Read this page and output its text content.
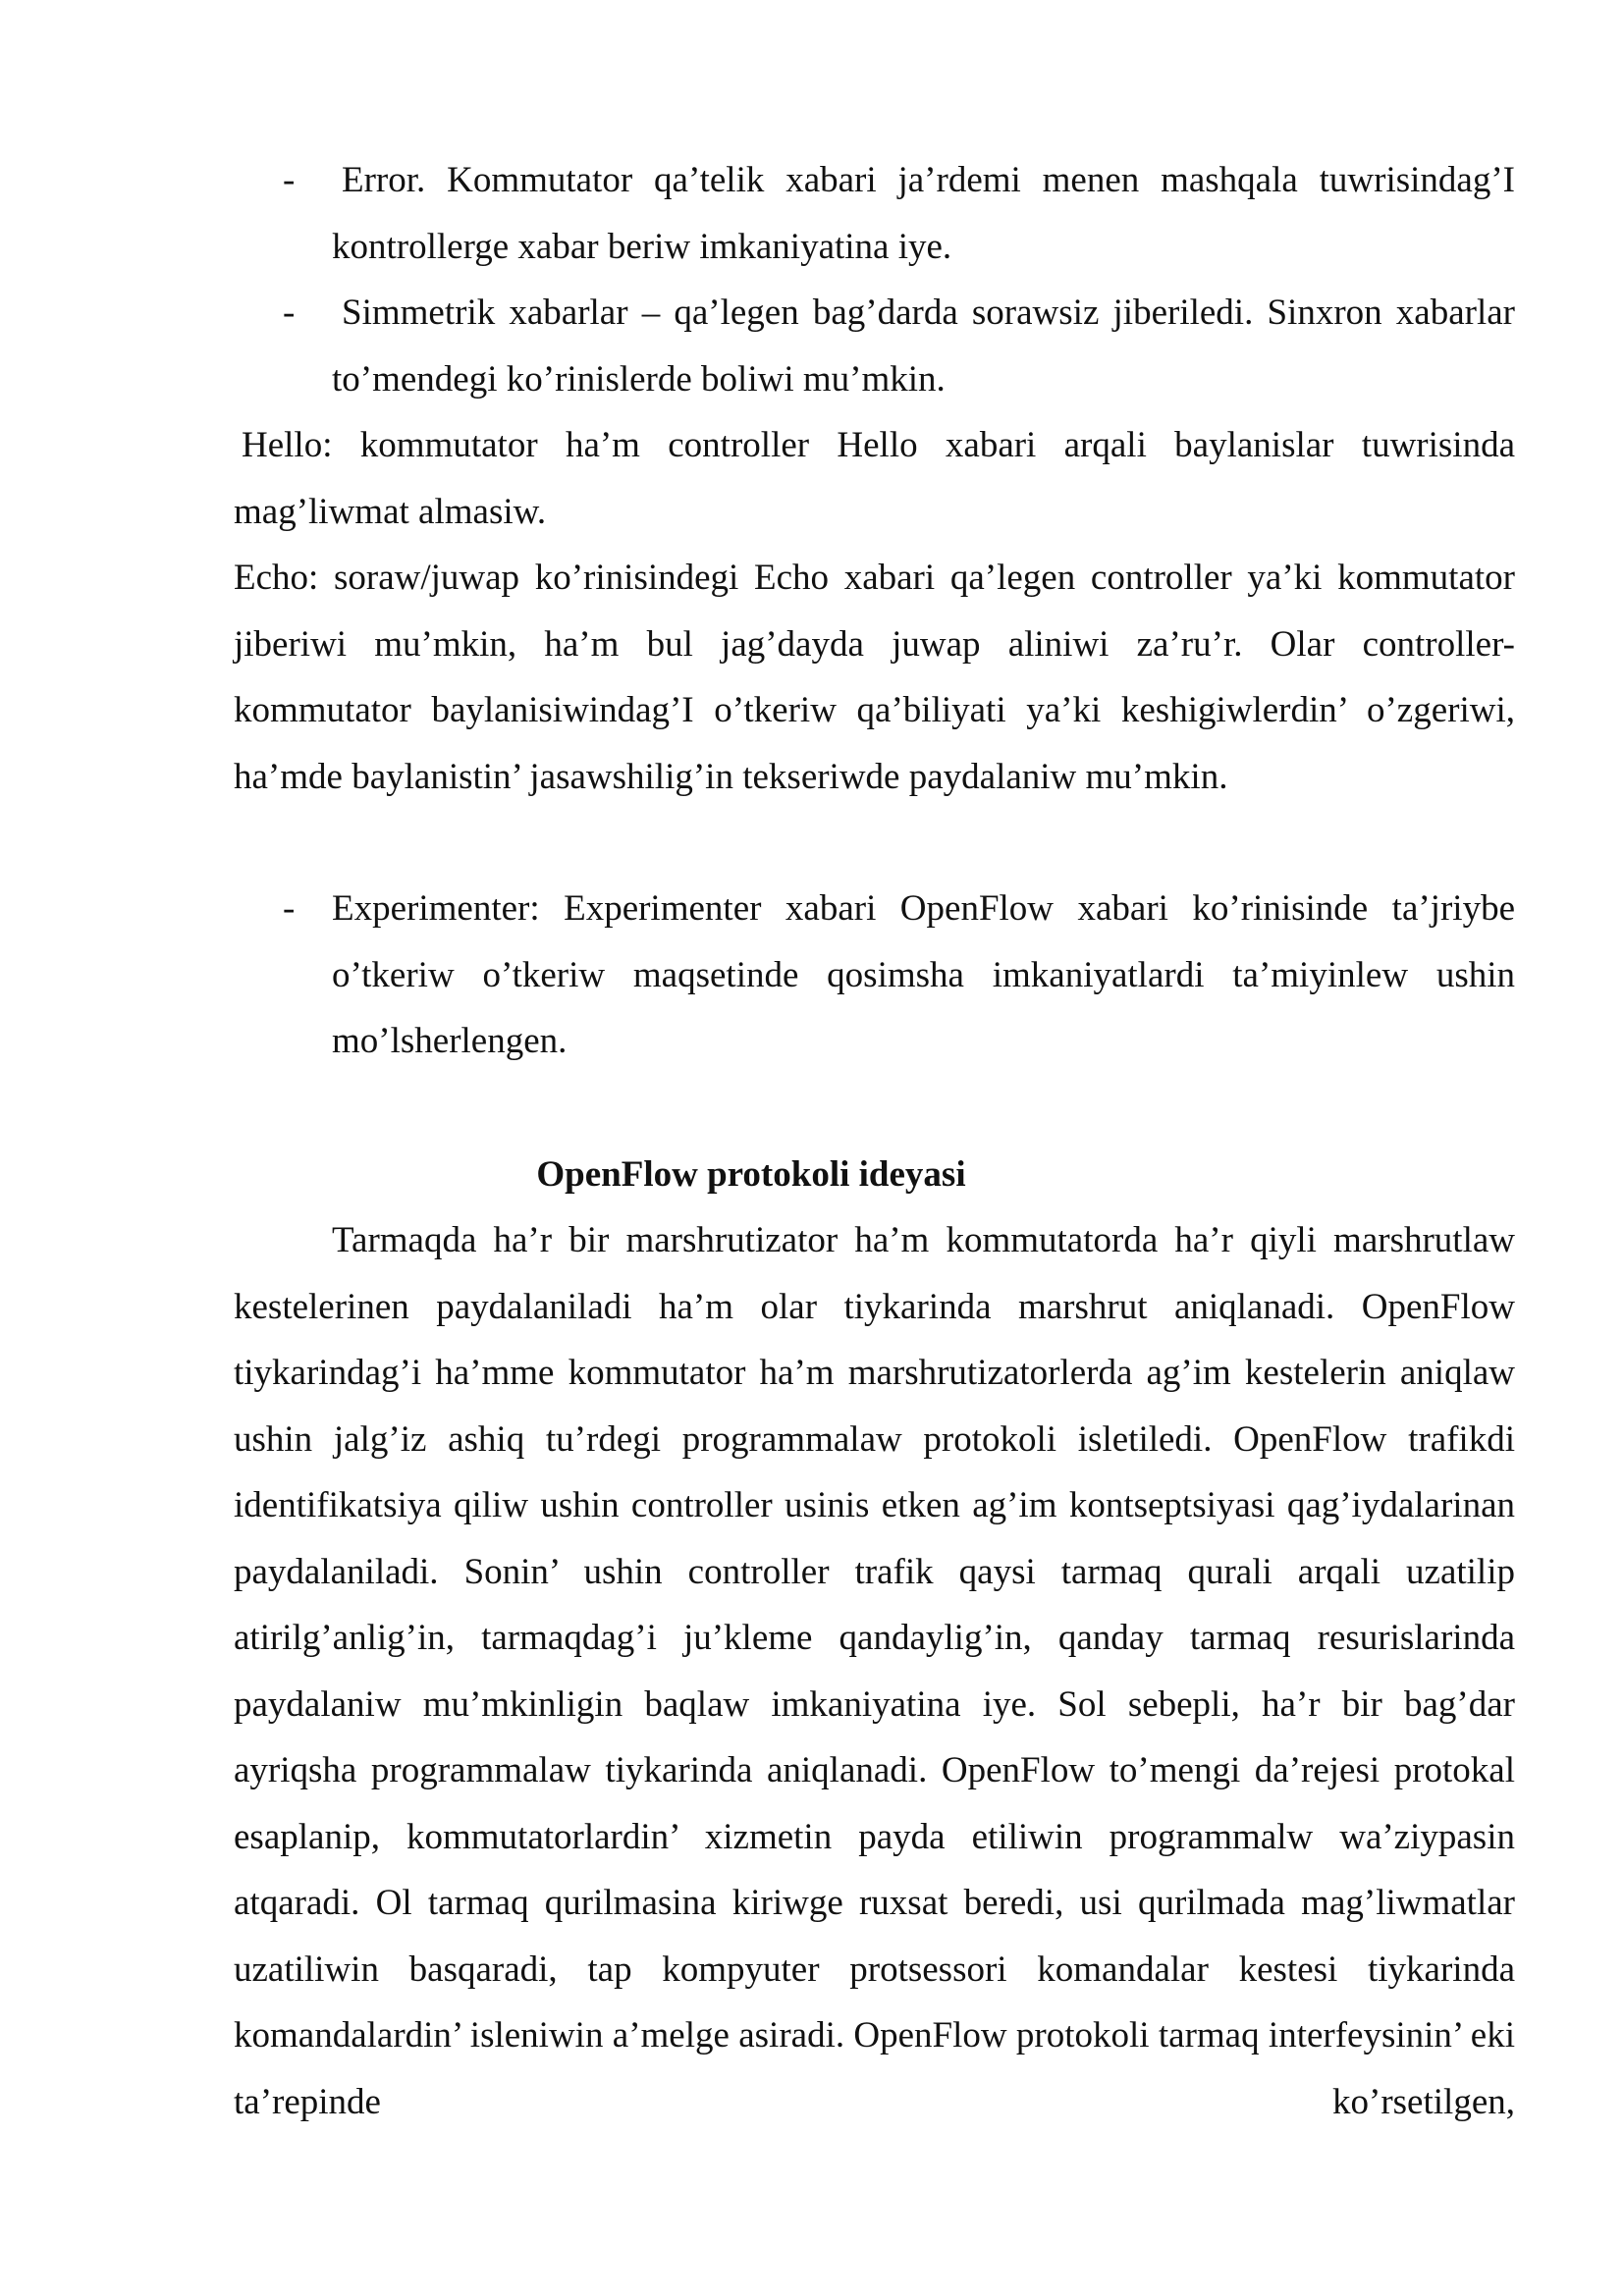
- Error. Kommutator qa’telik xabari ja’rdemi menen mashqala tuwrisindag’I kontrollerge xabar beriw imkaniyatina iye.
- Simmetrik xabarlar – qa’legen bag’darda sorawsiz jiberiledi. Sinxron xabarlar to’mendegi ko’rinislerde boliwi mu’mkin.

Hello: kommutator ha’m controller Hello xabari arqali baylanislar tuwrisinda mag’liwmat almasiw.

Echo: soraw/juwap ko’rinisindegi Echo xabari qa’legen controller ya’ki kommutator jiberiwi mu’mkin, ha’m bul jag’dayda juwap aliniwi za’ru’r. Olar controller- kommutator baylanisiwindag’I o’tkeriw qa’biliyati ya’ki keshigiwlerdin’ o’zgeriwi, ha’mde baylanistin’ jasawshilig’in tekseriwde paydalaniw mu’mkin.

- Experimenter: Experimenter xabari OpenFlow xabari ko’rinisinde ta’jriybe o’tkeriw o’tkeriw maqsetinde qosimsha imkaniyatlardi ta’miyinlew ushin mo’lsherlengen.
OpenFlow protokoli ideyasi

Tarmaqda ha’r bir marshrutizator ha’m kommutatorda ha’r qiyli marshrutlaw kestelerinen paydalaniladi ha’m olar tiykarinda marshrut aniqlanadi. OpenFlow tiykarindag’i ha’mme kommutator ha’m marshrutizatorlerda ag’im kestelerin aniqlaw ushin jalg’iz ashiq tu’rdegi programmalaw protokoli isletiledi. OpenFlow trafikdi identifikatsiya qiliw ushin controller usinis etken ag’im kontseptsiyasi qag’iydalarinan paydalaniladi. Sonin’ ushin controller trafik qaysi tarmaq qurali arqali uzatilip atirilg’anlig’in, tarmaqdag’i ju’kleme qandaylig’in, qanday tarmaq resurislarinda paydalaniw mu’mkinligin baqlaw imkaniyatina iye. Sol sebepli, ha’r bir bag’dar ayriqsha programmalaw tiykarinda aniqlanadi. OpenFlow to’mengi da’rejesi protokal esaplanip, kommutatorlardin’ xizmetin payda etiliwin programmalw wa’ziypasin atqaradi. Ol tarmaq qurilmasina kiriwge ruxsat beredi, usi qurilmada mag’liwmatlar uzatiliwin basqaradi, tap kompyuter protsessori komandalar kestesi tiykarinda komandalardin’ isleniwin a’melge asiradi. OpenFlow protokoli tarmaq interfeysinin’ eki ta’repinde ko’rsetilgen,
